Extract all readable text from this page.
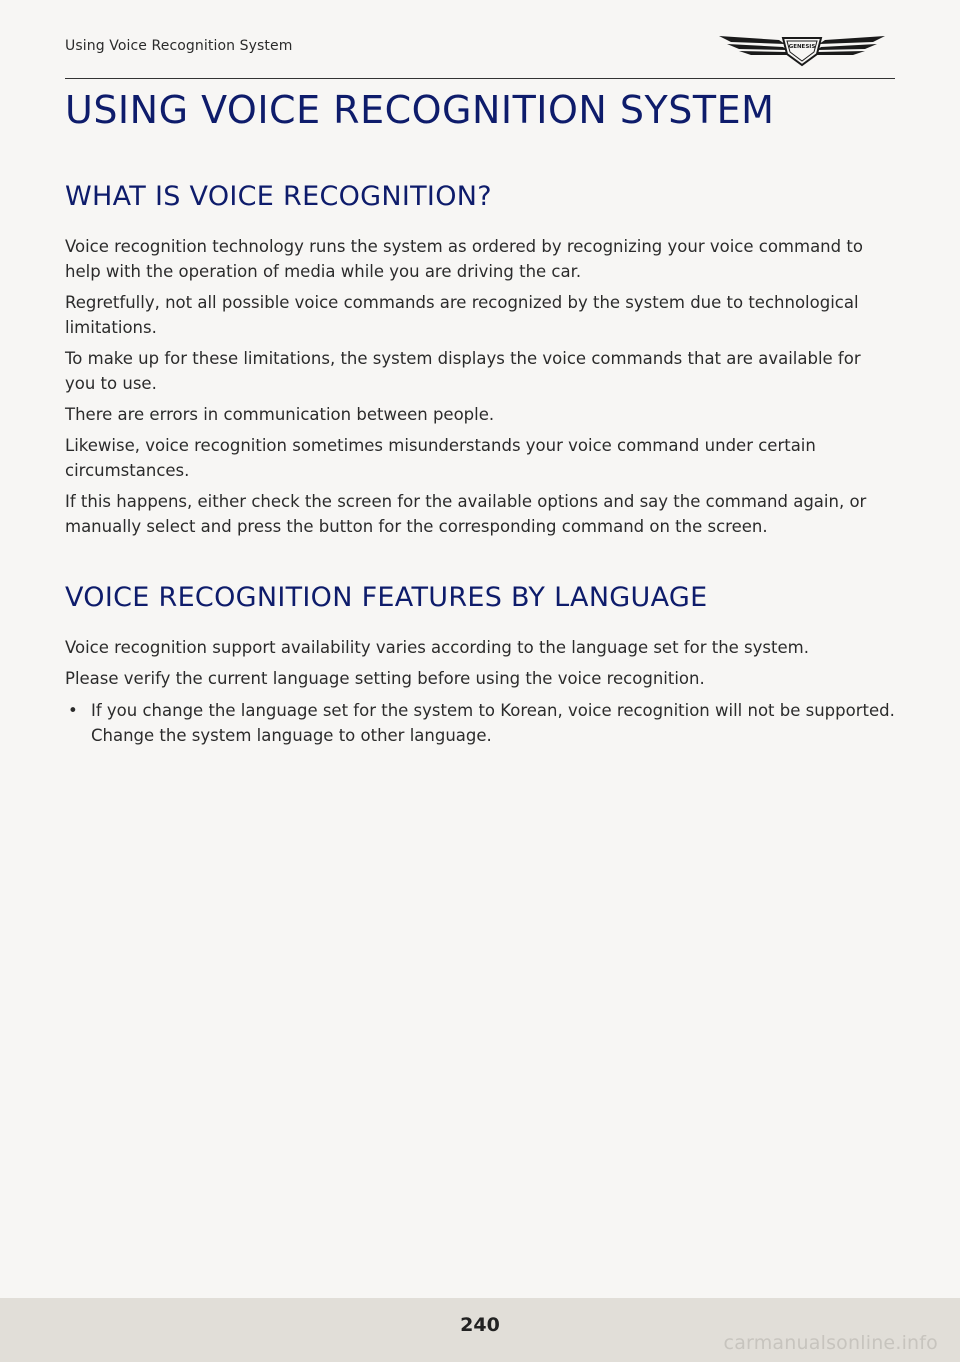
Using Voice Recognition System	GENESIS
USING VOICE RECOGNITION SYSTEM
WHAT IS VOICE RECOGNITION?

Voice recognition technology runs the system as ordered by recognizing your voice command to help with the operation of media while you are driving the car.

Regretfully, not all possible voice commands are recognized by the system due to technological limitations.

To make up for these limitations, the system displays the voice commands that are available for you to use.

There are errors in communication between people.

Likewise, voice recognition sometimes misunderstands your voice command under certain circumstances.

If this happens, either check the screen for the available options and say the command again, or manually select and press the button for the corresponding command on the screen.

VOICE RECOGNITION FEATURES BY LANGUAGE

Voice recognition support availability varies according to the language set for the system.

Please verify the current language setting before using the voice recognition.

• If you change the language set for the system to Korean, voice recognition will not be supported. Change the system language to other language.
240
carmanualsonline.info
